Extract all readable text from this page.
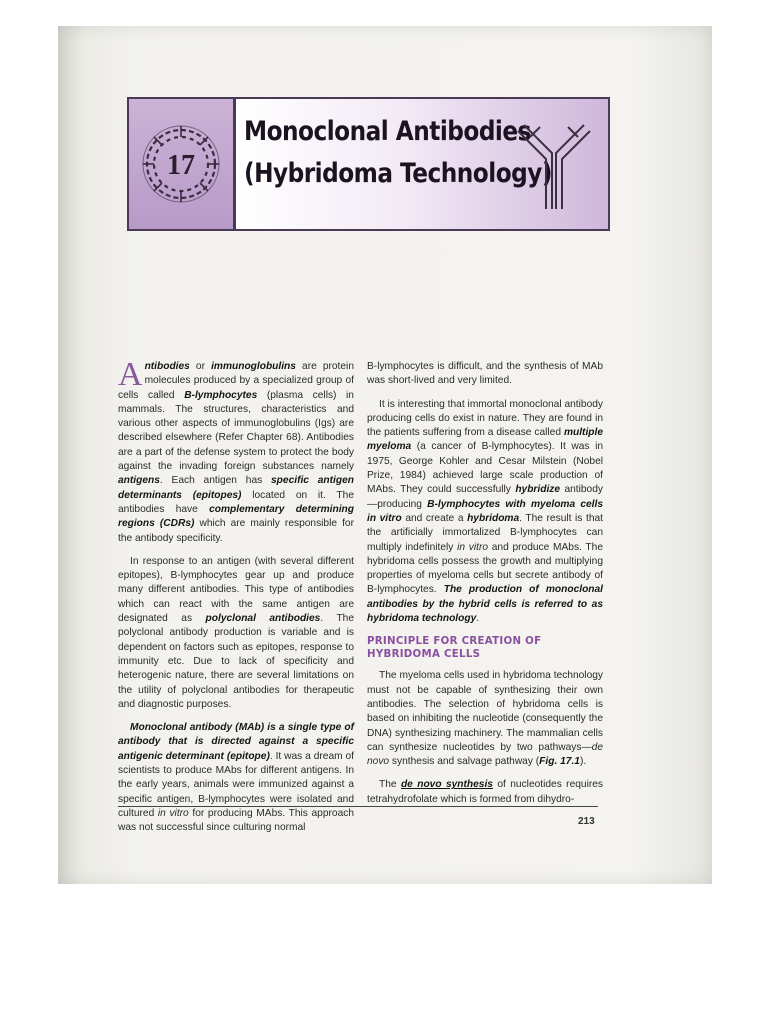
17
Monoclonal Antibodies
(Hybridoma Technology)

Antibodies or immunoglobulins are protein molecules produced by a specialized group of cells called B-lymphocytes (plasma cells) in mammals. The structures, characteristics and various other aspects of immunoglobulins (Igs) are described elsewhere (Refer Chapter 68). Antibodies are a part of the defense system to protect the body against the invading foreign substances namely antigens. Each antigen has specific antigen determinants (epitopes) located on it. The antibodies have complementary determining regions (CDRs) which are mainly responsible for the antibody specificity.

In response to an antigen (with several different epitopes), B-lymphocytes gear up and produce many different antibodies. This type of antibodies which can react with the same antigen are designated as polyclonal antibodies. The polyclonal antibody production is variable and is dependent on factors such as epitopes, response to immunity etc. Due to lack of specificity and heterogenic nature, there are several limitations on the utility of polyclonal antibodies for therapeutic and diagnostic purposes.

Monoclonal antibody (MAb) is a single type of antibody that is directed against a specific antigenic determinant (epitope). It was a dream of scientists to produce MAbs for different antigens. In the early years, animals were immunized against a specific antigen, B-lymphocytes were isolated and cultured in vitro for producing MAbs. This approach was not successful since culturing normal

B-lymphocytes is difficult, and the synthesis of MAb was short-lived and very limited.

It is interesting that immortal monoclonal antibody producing cells do exist in nature. They are found in the patients suffering from a disease called multiple myeloma (a cancer of B-lymphocytes). It was in 1975, George Kohler and Cesar Milstein (Nobel Prize, 1984) achieved large scale production of MAbs. They could successfully hybridize antibody—producing B-lymphocytes with myeloma cells in vitro and create a hybridoma. The result is that the artificially immortalized B-lymphocytes can multiply indefinitely in vitro and produce MAbs. The hybridoma cells possess the growth and multiplying properties of myeloma cells but secrete antibody of B-lymphocytes. The production of monoclonal antibodies by the hybrid cells is referred to as hybridoma technology.

PRINCIPLE FOR CREATION OF
HYBRIDOMA CELLS

The myeloma cells used in hybridoma technology must not be capable of synthesizing their own antibodies. The selection of hybridoma cells is based on inhibiting the nucleotide (consequently the DNA) synthesizing machinery. The mammalian cells can synthesize nucleotides by two pathways—de novo synthesis and salvage pathway (Fig. 17.1).

The de novo synthesis of nucleotides requires tetrahydrofolate which is formed from dihydro-

213
